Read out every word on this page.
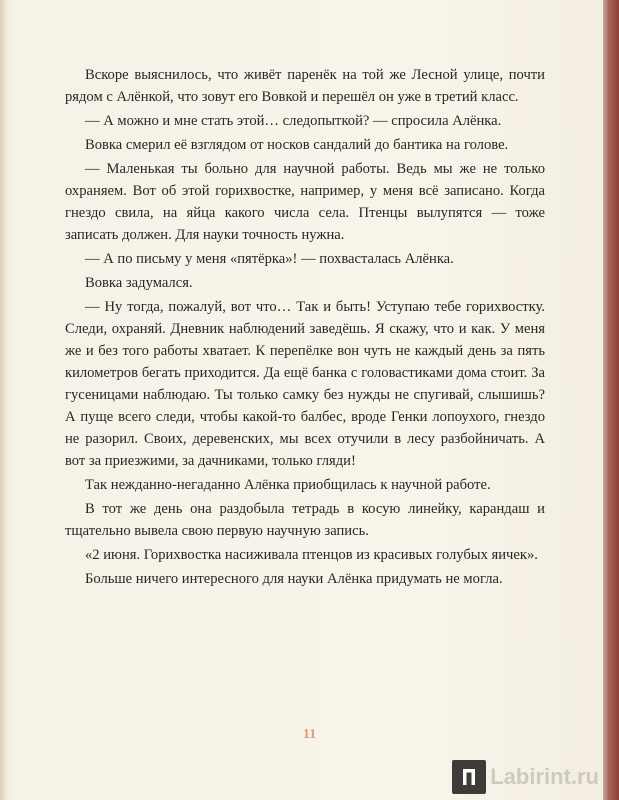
Вскоре выяснилось, что живёт паренёк на той же Лесной улице, почти рядом с Алёнкой, что зовут его Вовкой и перешёл он уже в третий класс.

— А можно и мне стать этой… следопыткой? — спросила Алёнка.

Вовка смерил её взглядом от носков сандалий до бантика на голове.

— Маленькая ты больно для научной работы. Ведь мы же не только охраняем. Вот об этой горихвостке, например, у меня всё записано. Когда гнездо свила, на яйца какого числа села. Птенцы вылупятся — тоже записать должен. Для науки точность нужна.

— А по письму у меня «пятёрка»! — похвасталась Алёнка.

Вовка задумался.

— Ну тогда, пожалуй, вот что… Так и быть! Уступаю тебе горихвостку. Следи, охраняй. Дневник наблюдений заведёшь. Я скажу, что и как. У меня же и без того работы хватает. К перепёлке вон чуть не каждый день за пять километров бегать приходится. Да ещё банка с головастиками дома стоит. За гусеницами наблюдаю. Ты только самку без нужды не спугивай, слышишь? А пуще всего следи, чтобы какой-то балбес, вроде Генки лопоухого, гнездо не разорил. Своих, деревенских, мы всех отучили в лесу разбойничать. А вот за приезжими, за дачниками, только гляди!

Так нежданно-негаданно Алёнка приобщилась к научной работе.

В тот же день она раздобыла тетрадь в косую линейку, карандаш и тщательно вывела свою первую научную запись.

«2 июня. Горихвостка насиживала птенцов из красивых голубых яичек».

Больше ничего интересного для науки Алёнка придумать не могла.

11
Labirint.ru
